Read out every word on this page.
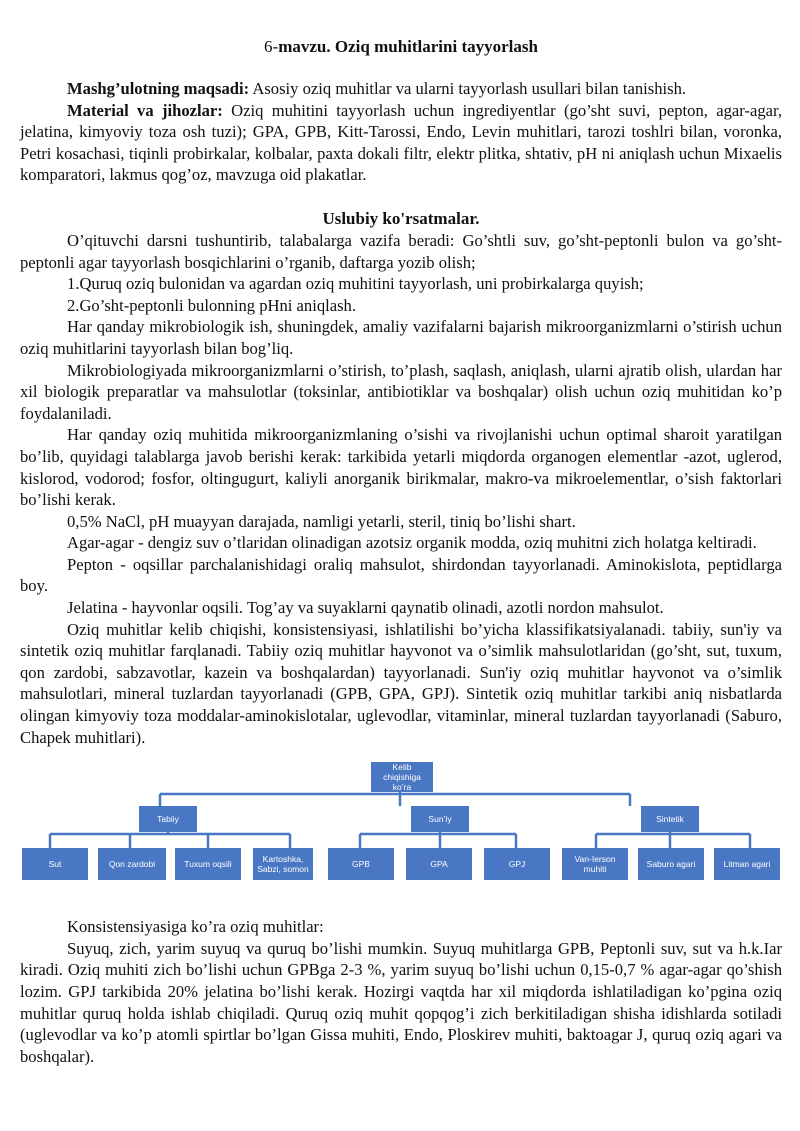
6-mavzu. Oziq muhitlarini tayyorlash

Mashg’ulotning maqsadi: Asosiy oziq muhitlar va ularni tayyorlash usullari bilan tanishish.

Material va jihozlar: Oziq muhitini tayyorlash uchun ingrediyentlar (go’sht suvi, pepton, agar-agar, jelatina, kimyoviy toza osh tuzi); GPA, GPB, Kitt-Tarossi, Endo, Levin muhitlari, tarozi toshlri bilan, voronka, Petri kosachasi, tiqinli probirkalar, kolbalar, paxta dokali filtr, elektr plitka, shtativ, pH ni aniqlash uchun Mixaelis komparatori, lakmus qog’oz, mavzuga oid plakatlar.

Uslubiy ko'rsatmalar.

O’qituvchi darsni tushuntirib, talabalarga vazifa beradi: Go’shtli suv, go’sht-peptonli bulon va go’sht-peptonli agar tayyorlash bosqichlarini o’rganib, daftarga yozib olish;

1.Quruq oziq bulonidan va agardan oziq muhitini tayyorlash, uni probirkalarga quyish;

2.Go’sht-peptonli bulonning pHni aniqlash.

Har qanday mikrobiologik ish, shuningdek, amaliy vazifalarni bajarish mikroorganizmlarni o’stirish uchun oziq muhitlarini tayyorlash bilan bog’liq.

Mikrobiologiyada mikroorganizmlarni o’stirish, to’plash, saqlash, aniqlash, ularni ajratib olish, ulardan har xil biologik preparatlar va mahsulotlar (toksinlar, antibiotiklar va boshqalar) olish uchun oziq muhitidan ko’p foydalaniladi.

Har qanday oziq muhitida mikroorganizmlaning o’sishi va rivojlanishi uchun optimal sharoit yaratilgan bo’lib, quyidagi talablarga javob berishi kerak: tarkibida yetarli miqdorda organogen elementlar -azot, uglerod, kislorod, vodorod; fosfor, oltingugurt, kaliyli anorganik birikmalar, makro-va mikroelementlar, o’sish faktorlari bo’lishi kerak.

0,5% NaCl, pH muayyan darajada, namligi yetarli, steril, tiniq bo’lishi shart.

Agar-agar - dengiz suv o’tlaridan olinadigan azotsiz organik modda, oziq muhitni zich holatga keltiradi.

Pepton - oqsillar parchalanishidagi oraliq mahsulot, shirdondan tayyorlanadi. Aminokislota, peptidlarga boy.

Jelatina - hayvonlar oqsili. Tog’ay va suyaklarni qaynatib olinadi, azotli nordon mahsulot.

Oziq muhitlar kelib chiqishi, konsistensiyasi, ishlatilishi bo’yicha klassifikatsiyalanadi. tabiiy, sun'iy va sintetik oziq muhitlar farqlanadi. Tabiiy oziq muhitlar hayvonot va o’simlik mahsulotlaridan (go’sht, sut, tuxum, qon zardobi, sabzavotlar, kazein va boshqalardan) tayyorlanadi. Sun'iy oziq muhitlar hayvonot va o’simlik mahsulotlari, mineral tuzlardan tayyorlanadi (GPB, GPA, GPJ). Sintetik oziq muhitlar tarkibi aniq nisbatlarda olingan kimyoviy toza moddalar-aminokislotalar, uglevodlar, vitaminlar, mineral tuzlardan tayyorlanadi (Saburo, Chapek muhitlari).

Kelib chiqishiga ko’ra
Tabiiy	Sun’iy	Sintetik
Sut	Qon zardobi	Tuxum oqsili	Kartoshka, Sabzi, somon	GPB	GPA	GPJ	Van-Ierson muhiti	Saburo agari	Litman agari

Konsistensiyasiga ko’ra oziq muhitlar:

Suyuq, zich, yarim suyuq va quruq bo’lishi mumkin. Suyuq muhitlarga GPB, Peptonli suv, sut va h.k.Iar kiradi. Oziq muhiti zich bo’lishi uchun GPBga 2-3 %, yarim suyuq bo’lishi uchun 0,15-0,7 % agar-agar qo’shish lozim. GPJ tarkibida 20% jelatina bo’lishi kerak. Hozirgi vaqtda har xil miqdorda ishlatiladigan ko’pgina oziq muhitlar quruq holda ishlab chiqiladi. Quruq oziq muhit qopqog’i zich berkitiladigan shisha idishlarda sotiladi (uglevodlar va ko’p atomli spirtlar bo’lgan Gissa muhiti, Endo, Ploskirev muhiti, baktoagar J, quruq oziq agari va boshqalar).
